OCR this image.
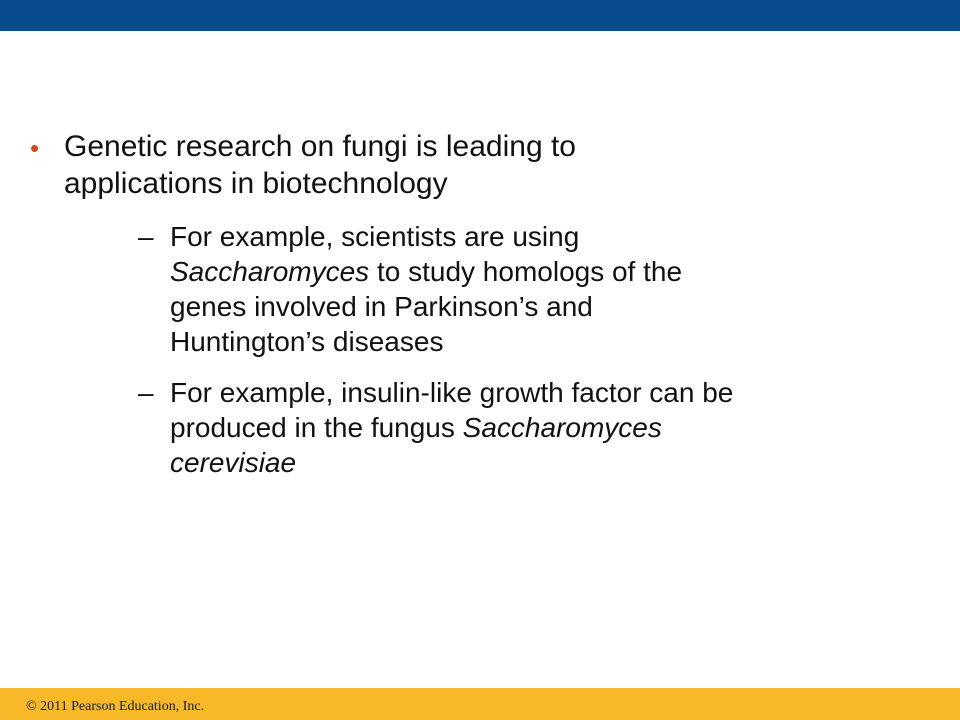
• Genetic research on fungi is leading to
applications in biotechnology

– For example, scientists are using
Saccharomyces to study homologs of the
genes involved in Parkinson’s and
Huntington’s diseases

– For example, insulin-like growth factor can be
produced in the fungus Saccharomyces
cerevisiae

© 2011 Pearson Education, Inc.
